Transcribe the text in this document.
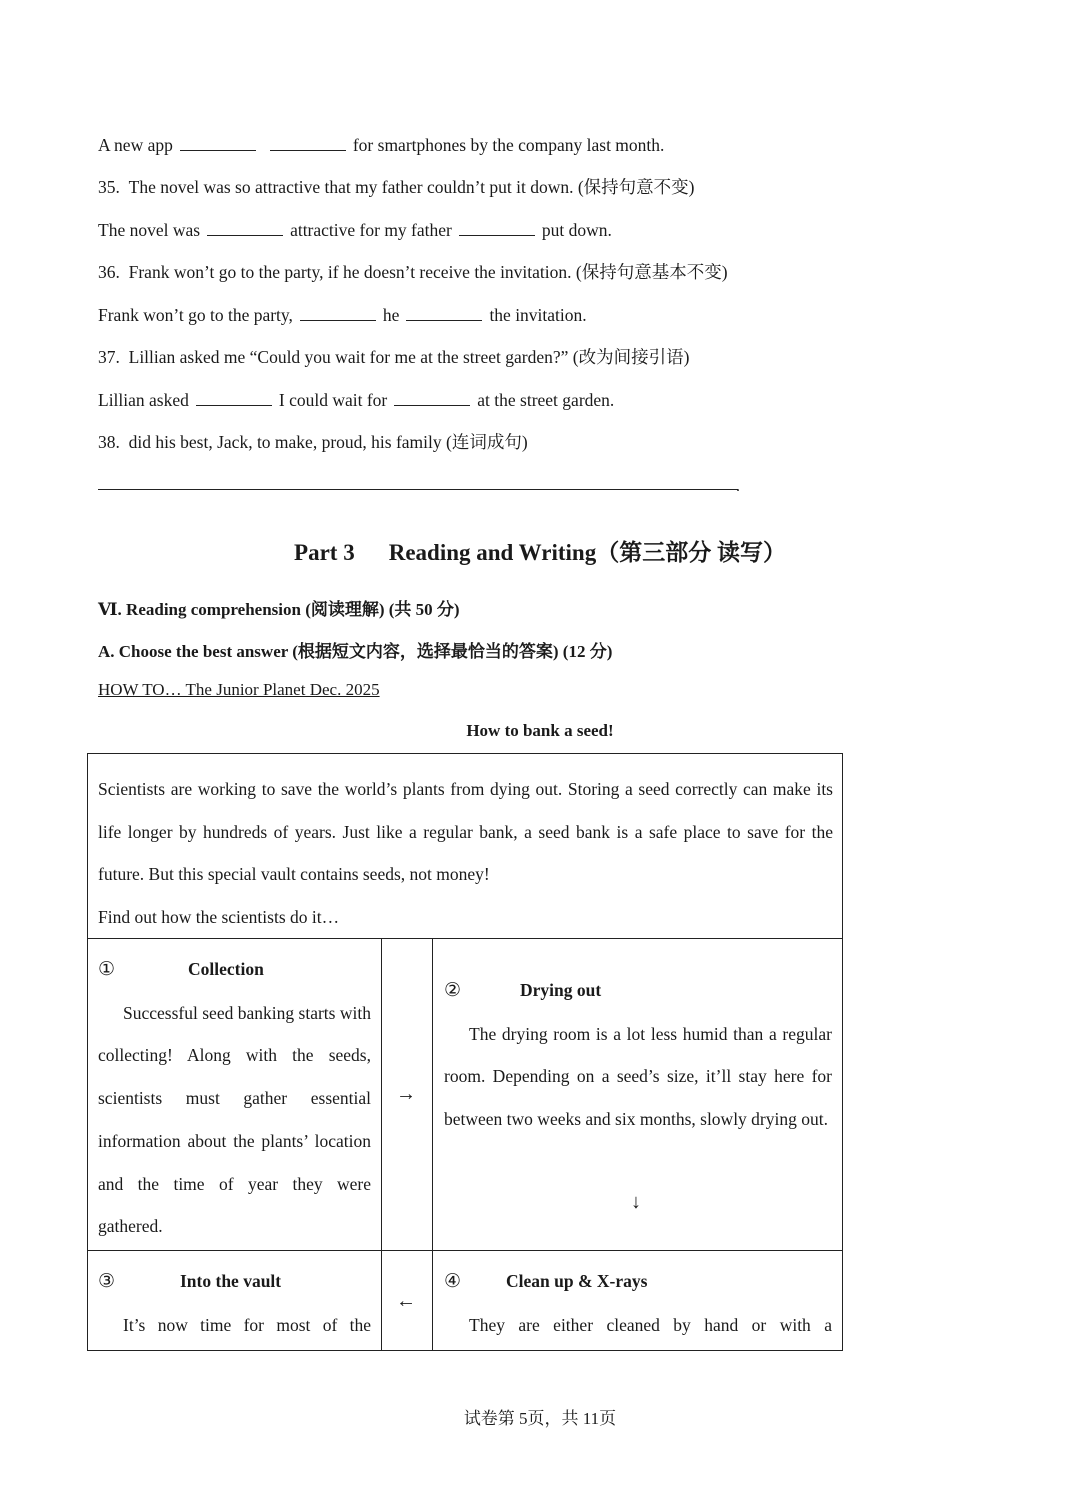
A new app	for smartphones by the company last month.
35. The novel was so attractive that my father couldn’t put it down. (保持句意不变)
The novel was	attractive for my father	put down.
36. Frank won’t go to the party, if he doesn’t receive the invitation. (保持句意基本不变)
Frank won’t go to the party,	he	the invitation.
37. Lillian asked me “Could you wait for me at the street garden?” (改为间接引语)
Lillian asked	I could wait for	at the street garden.
38. did his best, Jack, to make, proud, his family (连词成句)
.
Part 3 Reading and Writing（第三部分 读写）
Ⅵ. Reading comprehension (阅读理解) (共 50 分)
A. Choose the best answer (根据短文内容，选择最恰当的答案) (12 分)
HOW TO… The Junior Planet Dec. 2025
How to bank a seed!
Scientists are working to save the world’s plants from dying out. Storing a seed correctly can make its life longer by hundreds of years. Just like a regular bank, a seed bank is a safe place to save for the future. But this special vault contains seeds, not money!
Find out how the scientists do it…
①	Collection
Successful seed banking starts with collecting! Along with the seeds, scientists must gather essential information about the plants’ location and the time of year they were gathered.
→
②	Drying out
The drying room is a lot less humid than a regular room. Depending on a seed’s size, it’ll stay here for between two weeks and six months, slowly drying out.
↓
③	Into the vault
It’s now time for most of the
←
④	Clean up & X-rays
They are either cleaned by hand or with a
试卷第 5页，共 11页
